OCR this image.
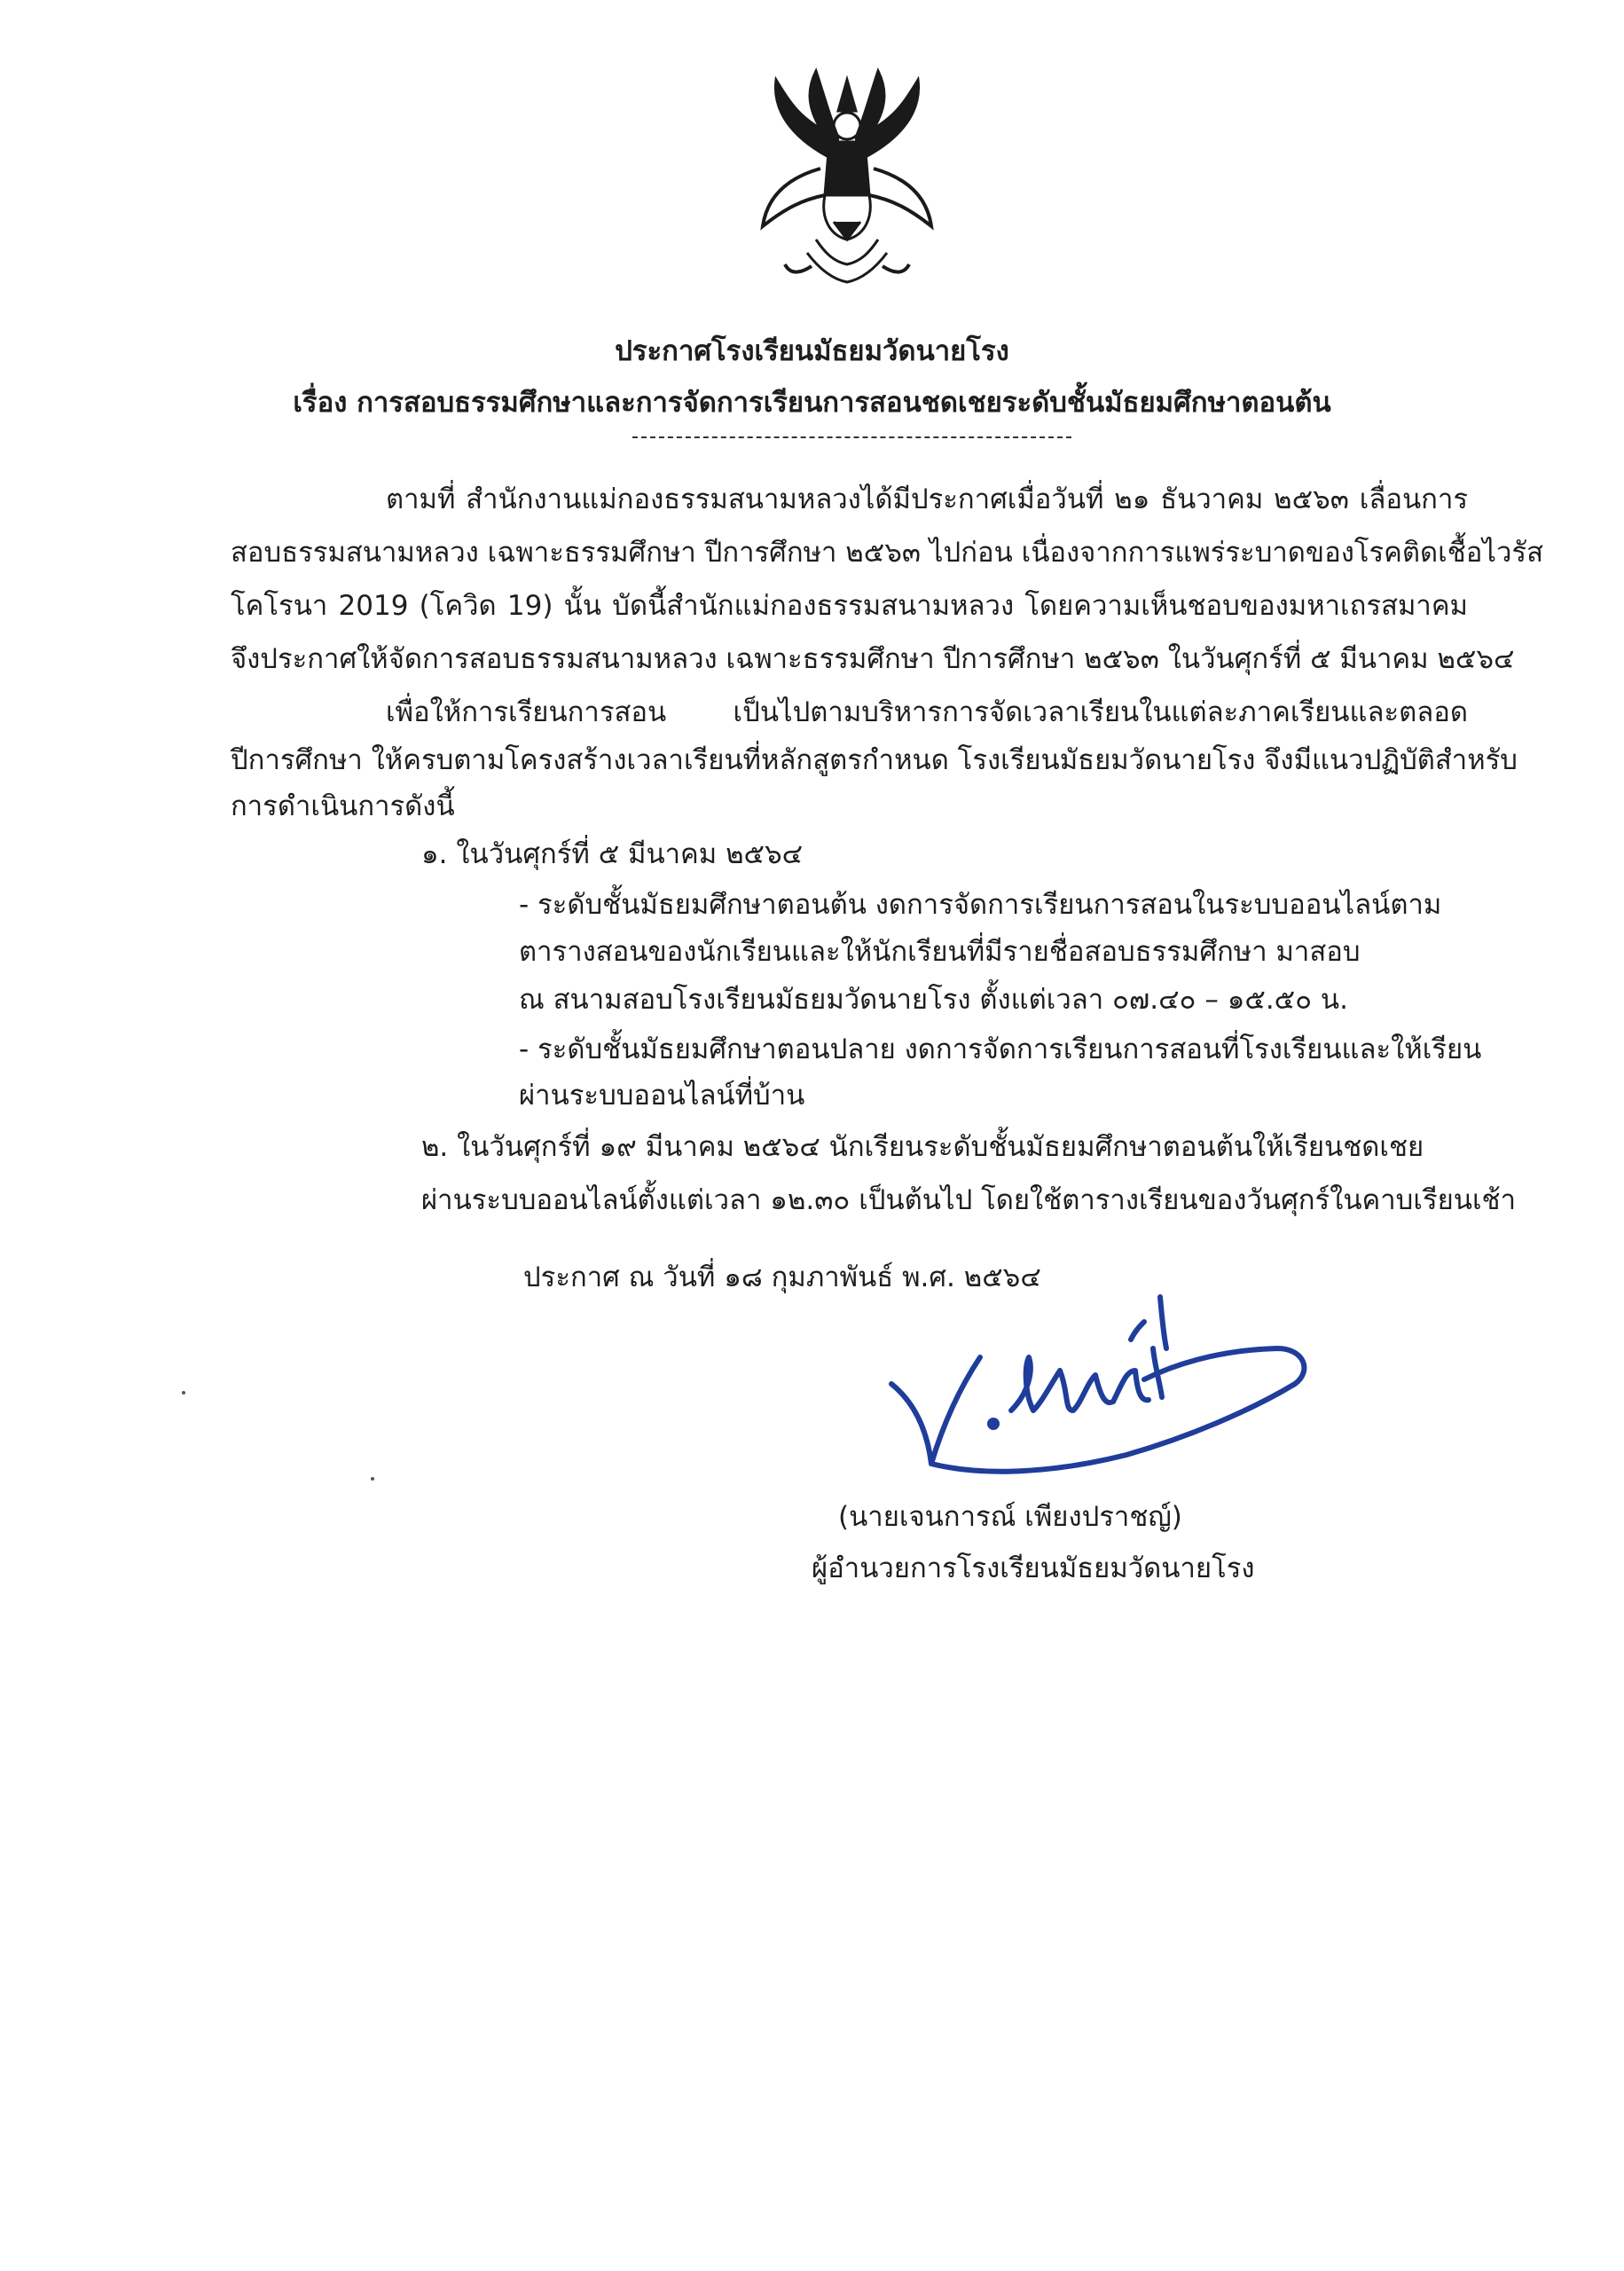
ประกาศโรงเรียนมัธยมวัดนายโรง
เรื่อง การสอบธรรมศึกษาและการจัดการเรียนการสอนชดเชยระดับชั้นมัธยมศึกษาตอนต้น
ตามที่ สำนักงานแม่กองธรรมสนามหลวงได้มีประกาศเมื่อวันที่ ๒๑ ธันวาคม ๒๕๖๓ เลื่อนการ
สอบธรรมสนามหลวง เฉพาะธรรมศึกษา ปีการศึกษา ๒๕๖๓ ไปก่อน เนื่องจากการแพร่ระบาดของโรคติดเชื้อไวรัส
โคโรนา 2019 (โควิด 19) นั้น บัดนี้สำนักแม่กองธรรมสนามหลวง โดยความเห็นชอบของมหาเถรสมาคม
จึงประกาศให้จัดการสอบธรรมสนามหลวง เฉพาะธรรมศึกษา ปีการศึกษา ๒๕๖๓ ในวันศุกร์ที่ ๕ มีนาคม ๒๕๖๔
เพื่อให้การเรียนการสอน เป็นไปตามบริหารการจัดเวลาเรียนในแต่ละภาคเรียนและตลอด
ปีการศึกษา ให้ครบตามโครงสร้างเวลาเรียนที่หลักสูตรกำหนด โรงเรียนมัธยมวัดนายโรง จึงมีแนวปฏิบัติสำหรับ
การดำเนินการดังนี้
๑. ในวันศุกร์ที่ ๕ มีนาคม ๒๕๖๔
- ระดับชั้นมัธยมศึกษาตอนต้น งดการจัดการเรียนการสอนในระบบออนไลน์ตาม
ตารางสอนของนักเรียนและให้นักเรียนที่มีรายชื่อสอบธรรมศึกษา มาสอบ
ณ สนามสอบโรงเรียนมัธยมวัดนายโรง ตั้งแต่เวลา ๐๗.๔๐ – ๑๕.๕๐ น.
- ระดับชั้นมัธยมศึกษาตอนปลาย งดการจัดการเรียนการสอนที่โรงเรียนและให้เรียน
ผ่านระบบออนไลน์ที่บ้าน
๒. ในวันศุกร์ที่ ๑๙ มีนาคม ๒๕๖๔ นักเรียนระดับชั้นมัธยมศึกษาตอนต้นให้เรียนชดเชย
ผ่านระบบออนไลน์ตั้งแต่เวลา ๑๒.๓๐ เป็นต้นไป โดยใช้ตารางเรียนของวันศุกร์ในคาบเรียนเช้า
ประกาศ ณ วันที่ ๑๘ กุมภาพันธ์ พ.ศ. ๒๕๖๔
(นายเจนการณ์ เพียงปราชญ์)
ผู้อำนวยการโรงเรียนมัธยมวัดนายโรง
